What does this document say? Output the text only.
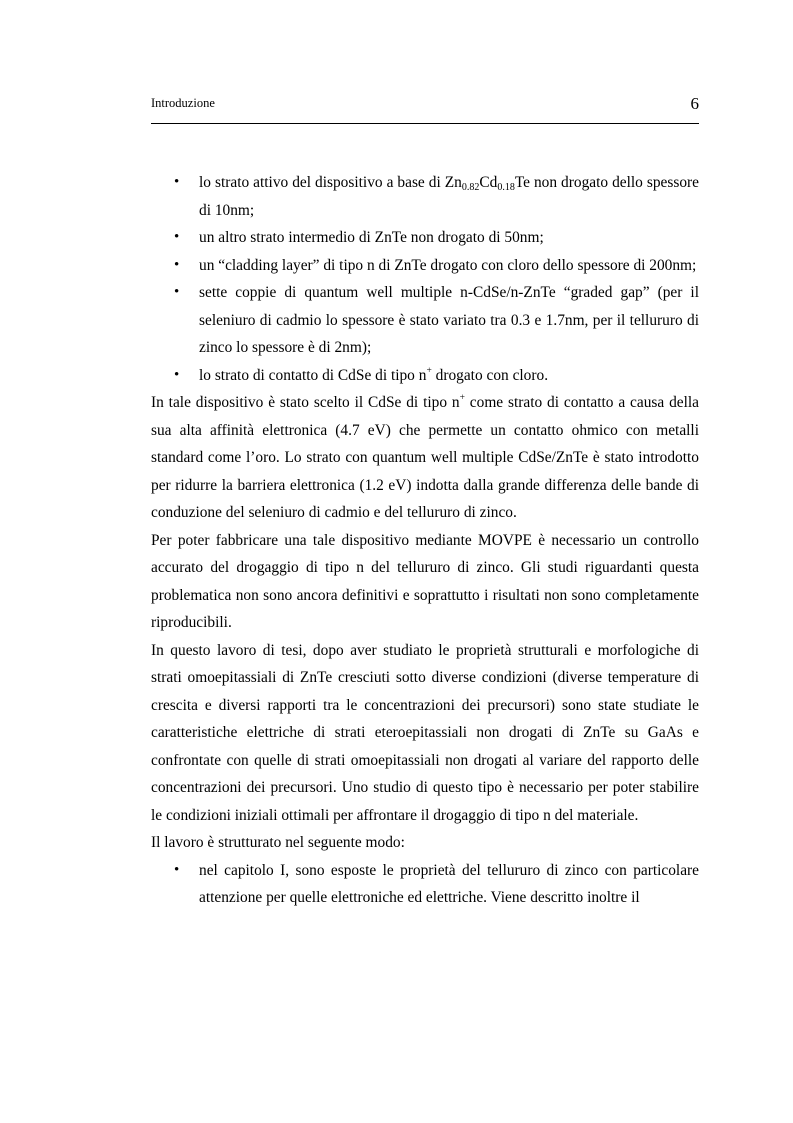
Introduzione	6
• lo strato attivo del dispositivo a base di $Zn_{0.82}Cd_{0.18}Te$ non drogato dello spessore di 10nm;
• un altro strato intermedio di ZnTe non drogato di 50nm;
• un “cladding layer” di tipo n di ZnTe drogato con cloro dello spessore di 200nm;
• sette coppie di quantum well multiple n-CdSe/n-ZnTe “graded gap” (per il seleniuro di cadmio lo spessore è stato variato tra 0.3 e 1.7nm, per il tellururo di zinco lo spessore è di 2nm);
• lo strato di contatto di CdSe di tipo n+ drogato con cloro.

In tale dispositivo è stato scelto il CdSe di tipo n+ come strato di contatto a causa della sua alta affinità elettronica (4.7 eV) che permette un contatto ohmico con metalli standard come l’oro. Lo strato con quantum well multiple CdSe/ZnTe è stato introdotto per ridurre la barriera elettronica (1.2 eV) indotta dalla grande differenza delle bande di conduzione del seleniuro di cadmio e del tellururo di zinco.

Per poter fabbricare una tale dispositivo mediante MOVPE è necessario un controllo accurato del drogaggio di tipo n del tellururo di zinco. Gli studi riguardanti questa problematica non sono ancora definitivi e soprattutto i risultati non sono completamente riproducibili.

In questo lavoro di tesi, dopo aver studiato le proprietà strutturali e morfologiche di strati omoepitassiali di ZnTe cresciuti sotto diverse condizioni (diverse temperature di crescita e diversi rapporti tra le concentrazioni dei precursori) sono state studiate le caratteristiche elettriche di strati eteroepitassiali non drogati di ZnTe su GaAs e confrontate con quelle di strati omoepitassiali non drogati al variare del rapporto delle concentrazioni dei precursori. Uno studio di questo tipo è necessario per poter stabilire le condizioni iniziali ottimali per affrontare il drogaggio di tipo n del materiale.

Il lavoro è strutturato nel seguente modo:

• nel capitolo I, sono esposte le proprietà del tellururo di zinco con particolare attenzione per quelle elettroniche ed elettriche. Viene descritto inoltre il
